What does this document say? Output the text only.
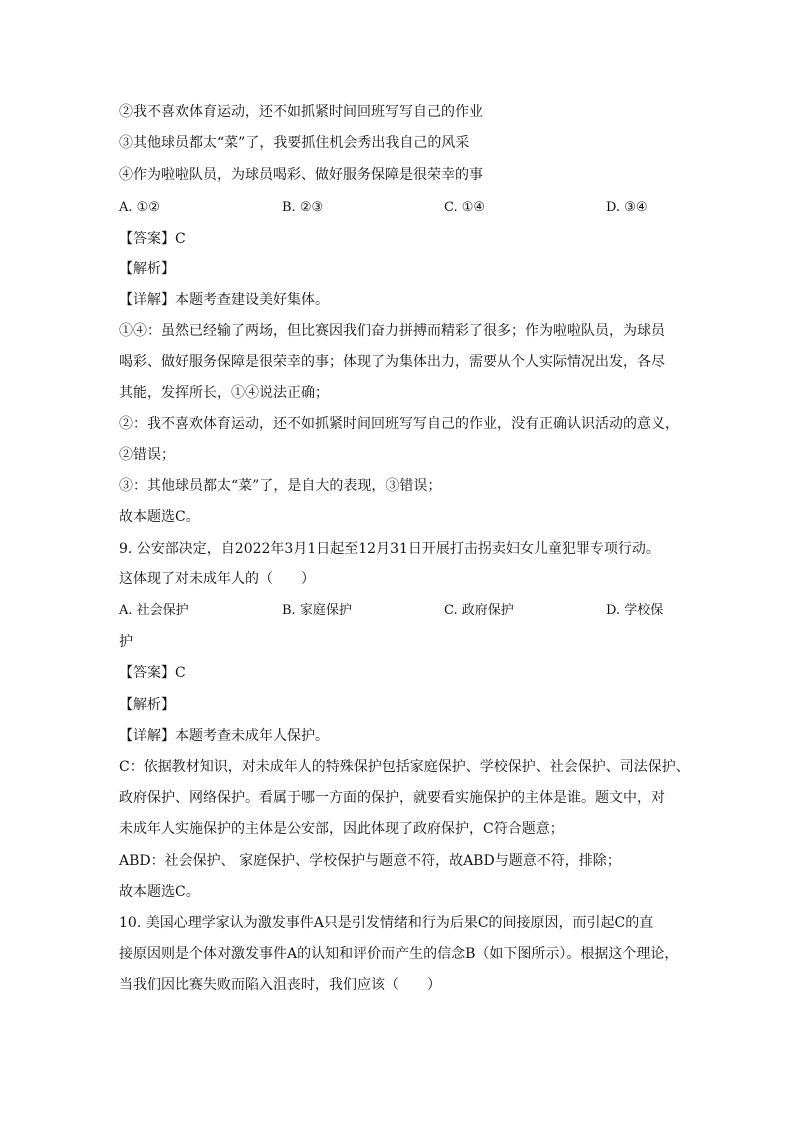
②我不喜欢体育运动，还不如抓紧时间回班写写自己的作业
③其他球员都太“菜”了，我要抓住机会秀出我自己的风采
④作为啦啦队员，为球员喝彩、做好服务保障是很荣幸的事
A. ①②	B. ②③	C. ①④	D. ③④
【答案】C
【解析】
【详解】本题考查建设美好集体。
①④：虽然已经输了两场，但比赛因我们奋力拼搏而精彩了很多；作为啦啦队员，为球员
喝彩、做好服务保障是很荣幸的事；体现了为集体出力，需要从个人实际情况出发，各尽
其能，发挥所长，①④说法正确；
②：我不喜欢体育运动，还不如抓紧时间回班写写自己的作业，没有正确认识活动的意义，
②错误；
③：其他球员都太“菜”了，是自大的表现，③错误；
故本题选C。
9. 公安部决定，自2022年3月1日起至12月31日开展打击拐卖妇女儿童犯罪专项行动。
这体现了对未成年人的（　　）
A. 社会保护	B. 家庭保护	C. 政府保护	D. 学校保
护
【答案】C
【解析】
【详解】本题考查未成年人保护。
C：依据教材知识，对未成年人的特殊保护包括家庭保护、学校保护、社会保护、司法保护、
政府保护、网络保护。看属于哪一方面的保护，就要看实施保护的主体是谁。题文中，对
未成年人实施保护的主体是公安部，因此体现了政府保护，C符合题意；
ABD：社会保护、 家庭保护、学校保护与题意不符，故ABD与题意不符，排除；
故本题选C。
10. 美国心理学家认为激发事件A只是引发情绪和行为后果C的间接原因，而引起C的直
接原因则是个体对激发事件A的认知和评价而产生的信念B（如下图所示）。根据这个理论，
当我们因比赛失败而陷入沮丧时，我们应该（　　）
